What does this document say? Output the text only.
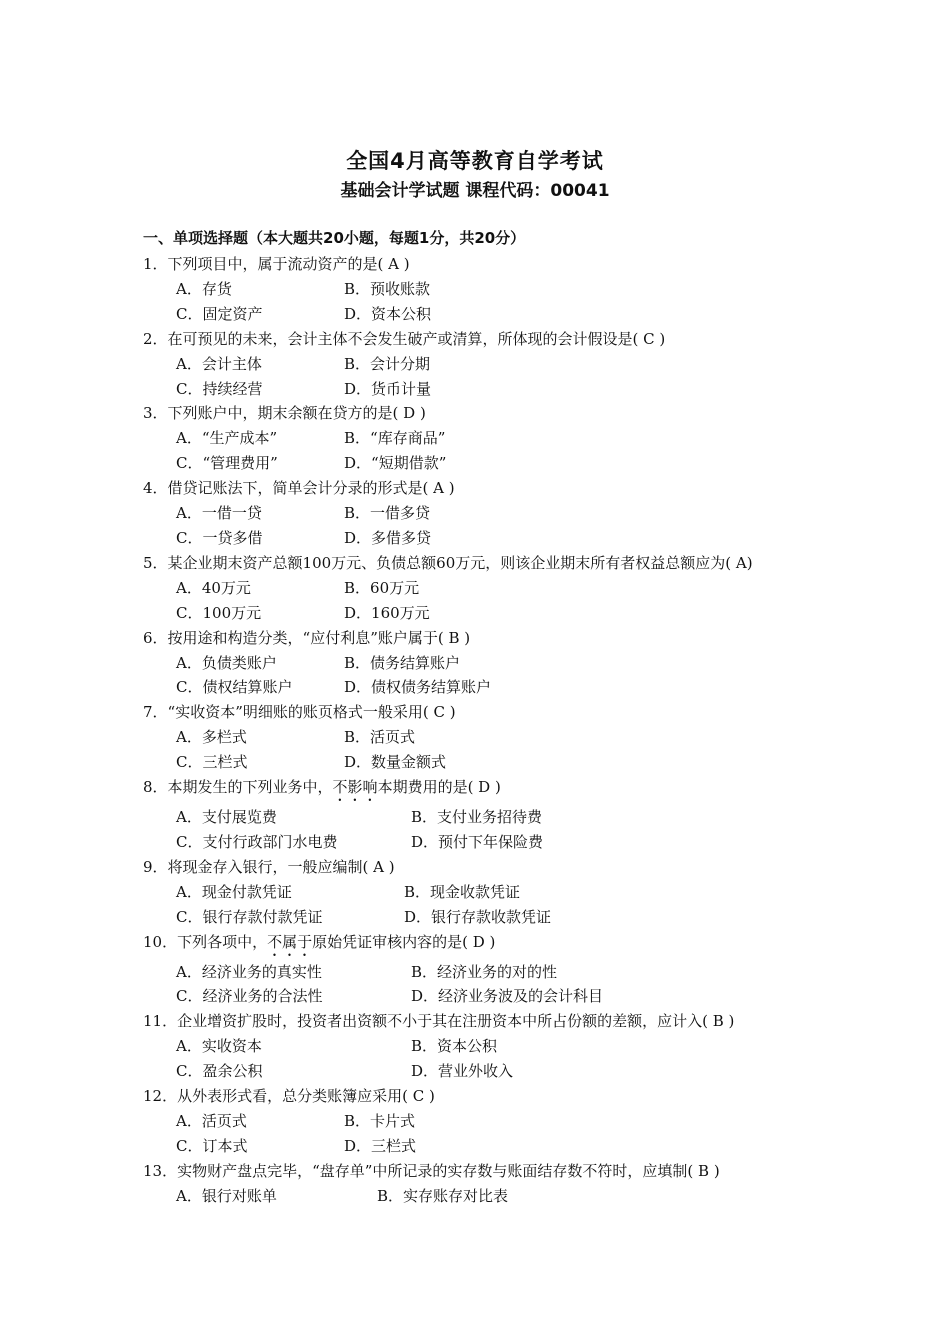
全国4月高等教育自学考试
基础会计学试题 课程代码：00041
一、单项选择题（本大题共20小题，每题1分，共20分）
1．下列项目中，属于流动资产的是( A )
A．存货	B．预收账款
C．固定资产	D．资本公积
2．在可预见的未来，会计主体不会发生破产或清算，所体现的会计假设是( C )
A．会计主体	B．会计分期
C．持续经营	D．货币计量
3．下列账户中，期末余额在贷方的是( D )
A．“生产成本”	B．“库存商品”
C．“管理费用”	D．“短期借款”
4．借贷记账法下，简单会计分录的形式是( A )
A．一借一贷	B．一借多贷
C．一贷多借	D．多借多贷
5．某企业期末资产总额100万元、负债总额60万元，则该企业期末所有者权益总额应为( A)
A．40万元	B．60万元
C．100万元	D．160万元
6．按用途和构造分类，“应付利息”账户属于( B )
A．负债类账户	B．债务结算账户
C．债权结算账户	D．债权债务结算账户
7．“实收资本”明细账的账页格式一般采用( C )
A．多栏式	B．活页式
C．三栏式	D．数量金额式
8．本期发生的下列业务中，不影响本期费用的是( D )
A．支付展览费	B．支付业务招待费
C．支付行政部门水电费	D．预付下年保险费
9．将现金存入银行，一般应编制( A )
A．现金付款凭证	B．现金收款凭证
C．银行存款付款凭证	D．银行存款收款凭证
10．下列各项中，不属于原始凭证审核内容的是( D )
A．经济业务的真实性	B．经济业务的对的性
C．经济业务的合法性	D．经济业务波及的会计科目
11．企业增资扩股时，投资者出资额不小于其在注册资本中所占份额的差额，应计入( B )
A．实收资本	B．资本公积
C．盈余公积	D．营业外收入
12．从外表形式看，总分类账簿应采用( C )
A．活页式	B．卡片式
C．订本式	D．三栏式
13．实物财产盘点完毕，“盘存单”中所记录的实存数与账面结存数不符时，应填制( B )
A．银行对账单	B．实存账存对比表
